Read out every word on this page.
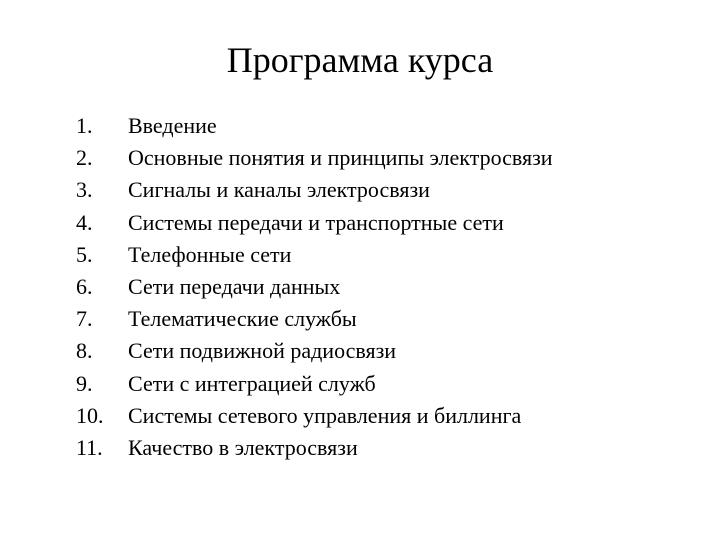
Программа курса
1.	Введение
2.	Основные понятия и принципы электросвязи
3.	Сигналы и каналы электросвязи
4.	Системы передачи и транспортные сети
5.	Телефонные сети
6.	Сети передачи данных
7.	Телематические службы
8.	Сети подвижной радиосвязи
9.	Сети с интеграцией служб
10.	Системы сетевого управления и биллинга
11.	Качество в электросвязи
